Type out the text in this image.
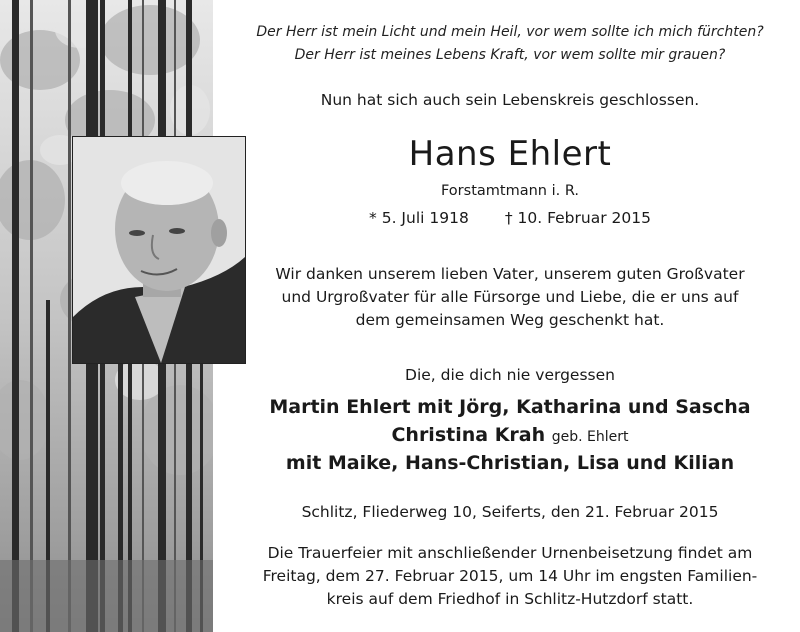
Der Herr ist mein Licht und mein Heil, vor wem sollte ich mich fürchten?
Der Herr ist meines Lebens Kraft, vor wem sollte mir grauen?
Nun hat sich auch sein Lebenskreis geschlossen.
Hans Ehlert
Forstamtmann i. R.
* 5. Juli 1918 † 10. Februar 2015
Wir danken unserem lieben Vater, unserem guten Großvater
und Urgroßvater für alle Fürsorge und Liebe, die er uns auf
dem gemeinsamen Weg geschenkt hat.
Die, die dich nie vergessen
Martin Ehlert mit Jörg, Katharina und Sascha
Christina Krah geb. Ehlert
mit Maike, Hans-Christian, Lisa und Kilian
Schlitz, Fliederweg 10, Seiferts, den 21. Februar 2015
Die Trauerfeier mit anschließender Urnenbeisetzung findet am
Freitag, dem 27. Februar 2015, um 14 Uhr im engsten Familien-
kreis auf dem Friedhof in Schlitz-Hutzdorf statt.
